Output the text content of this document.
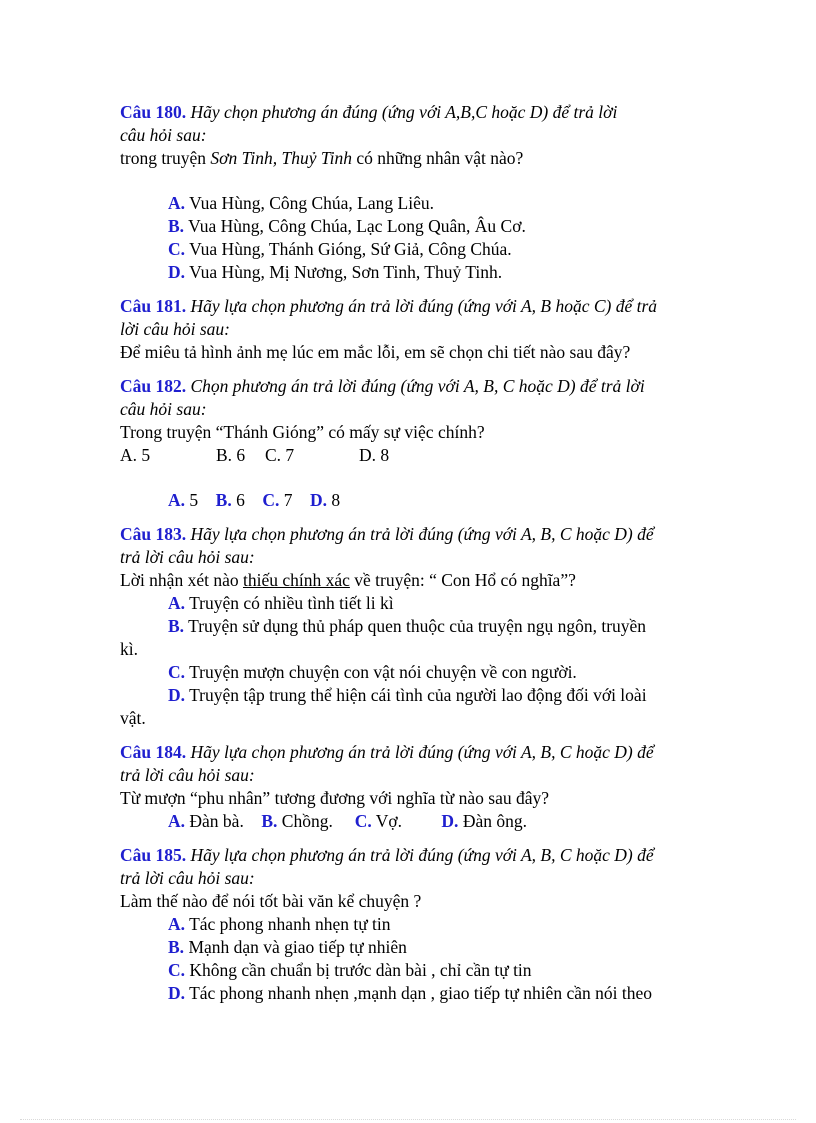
Câu 180. Hãy chọn phương án đúng (ứng với A,B,C hoặc D) để trả lời
câu hỏi sau:
trong truyện Sơn Tinh, Thuỷ Tinh có những nhân vật nào?
A. Vua Hùng, Công Chúa, Lang Liêu.
B. Vua Hùng, Công Chúa, Lạc Long Quân, Âu Cơ.
C. Vua Hùng, Thánh Gióng, Sứ Giả, Công Chúa.
D. Vua Hùng, Mị Nương, Sơn Tinh, Thuỷ Tinh.
Câu 181. Hãy lựa chọn phương án trả lời đúng (ứng với A, B hoặc C) để trả
lời câu hỏi sau:
Để miêu tả hình ảnh mẹ lúc em mắc lỗi, em sẽ chọn chi tiết nào sau đây?
Câu 182. Chọn phương án trả lời đúng (ứng với A, B, C hoặc D) để trả lời
câu hỏi sau:
Trong truyện “Thánh Gióng” có mấy sự việc chính?
A. 5	B. 6 C. 7	D. 8
A. 5 B. 6 C. 7 D. 8
Câu 183. Hãy lựa chọn phương án trả lời đúng (ứng với A, B, C hoặc D) để
trả lời câu hỏi sau:
Lời nhận xét nào thiếu chính xác về truyện: “ Con Hổ có nghĩa”?
A. Truyện có nhiều tình tiết li kì
B. Truyện sử dụng thủ pháp quen thuộc của truyện ngụ ngôn, truyền
kì.
C. Truyện mượn chuyện con vật nói chuyện về con người.
D. Truyện tập trung thể hiện cái tình của người lao động đối với loài
vật.
Câu 184. Hãy lựa chọn phương án trả lời đúng (ứng với A, B, C hoặc D) để
trả lời câu hỏi sau:
Từ mượn “phu nhân” tương đương với nghĩa từ nào sau đây?
A. Đàn bà. B. Chồng. C. Vợ. D. Đàn ông.
Câu 185. Hãy lựa chọn phương án trả lời đúng (ứng với A, B, C hoặc D) để
trả lời câu hỏi sau:
Làm thế nào để nói tốt bài văn kể chuyện ?
A. Tác phong nhanh nhẹn tự tin
B. Mạnh dạn và giao tiếp tự nhiên
C. Không cần chuẩn bị trước dàn bài , chỉ cần tự tin
D. Tác phong nhanh nhẹn ,mạnh dạn , giao tiếp tự nhiên cần nói theo
